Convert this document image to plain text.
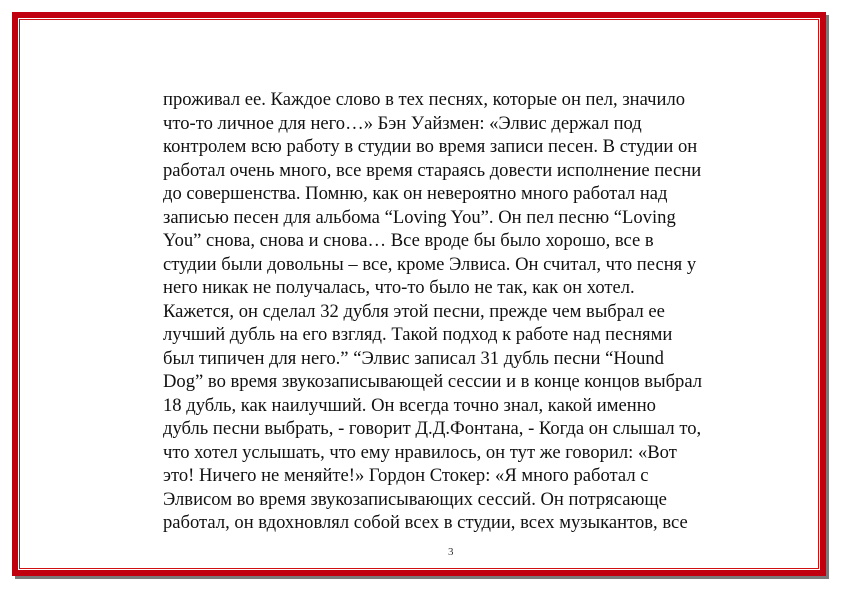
проживал ее. Каждое слово в тех песнях, которые он пел, значило
что-то личное для него…» Бэн Уайзмен: «Элвис держал под
контролем всю работу в студии во время записи песен. В студии он
работал очень много, все время стараясь довести исполнение песни
до совершенства. Помню, как он невероятно много работал над
записью песен для альбома “Loving You”. Он пел песню “Loving
You” снова, снова и снова… Все вроде бы было хорошо, все в
студии были довольны – все, кроме Элвиса. Он считал, что песня у
него никак не получалась, что-то было не так, как он хотел.
Кажется, он сделал 32 дубля этой песни, прежде чем выбрал ее
лучший дубль на его взгляд. Такой подход к работе над песнями
был типичен для него.” “Элвис записал 31 дубль песни “Hound
Dog” во время звукозаписывающей сессии и в конце концов выбрал
18 дубль, как наилучший. Он всегда точно знал, какой именно
дубль песни выбрать, - говорит Д.Д.Фонтана, - Когда он слышал то,
что хотел услышать, что ему нравилось, он тут же говорил: «Вот
это! Ничего не меняйте!» Гордон Стокер: «Я много работал с
Элвисом во время звукозаписывающих сессий. Он потрясающе
работал, он вдохновлял собой всех в студии, всех музыкантов, все
3
